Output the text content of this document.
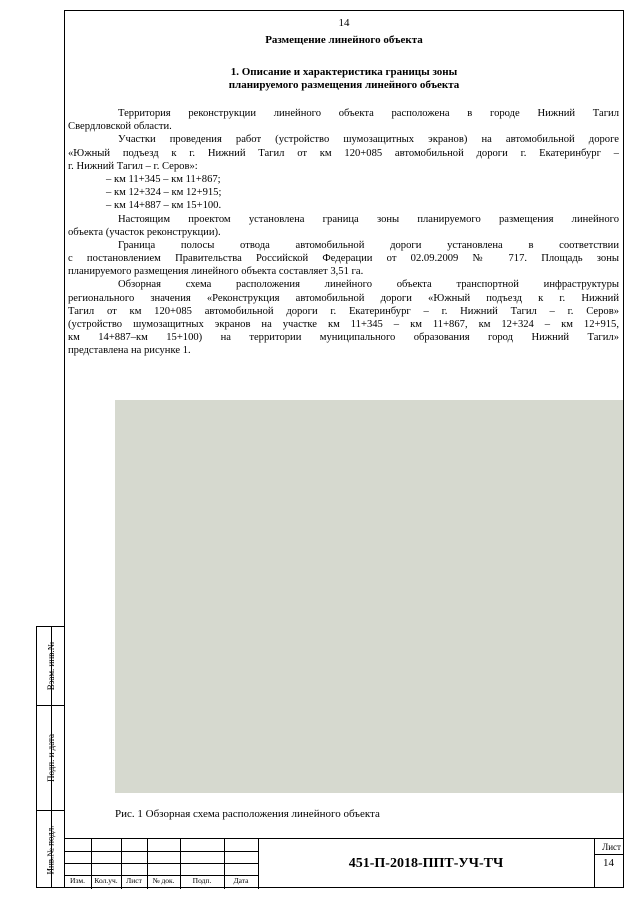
14
Размещение линейного объекта
1. Описание и характеристика границы зоны
планируемого размещения линейного объекта
Территория реконструкции линейного объекта расположена в городе Нижний Тагил
Свердловской области.
Участки проведения работ (устройство шумозащитных экранов) на автомобильной дороге
«Южный подъезд к г. Нижний Тагил от км 120+085 автомобильной дороги г. Екатеринбург –
г. Нижний Тагил – г. Серов»:
– км 11+345 – км 11+867;
– км 12+324 – км 12+915;
– км 14+887 – км 15+100.
Настоящим проектом установлена граница зоны планируемого размещения линейного
объекта (участок реконструкции).
Граница полосы отвода автомобильной дороги установлена в соответствии
с постановлением Правительства Российской Федерации от 02.09.2009 № 717. Площадь зоны
планируемого размещения линейного объекта составляет 3,51 га.
Обзорная схема расположения линейного объекта транспортной инфраструктуры
регионального значения «Реконструкция автомобильной дороги «Южный подъезд к г. Нижний
Тагил от км 120+085 автомобильной дороги г. Екатеринбург – г. Нижний Тагил – г. Серов»
(устройство шумозащитных экранов на участке км 11+345 – км 11+867, км 12+324 – км 12+915,
км 14+887–км 15+100) на территории муниципального образования город Нижний Тагил»
представлена на рисунке 1.
Рис. 1 Обзорная схема расположения линейного объекта
Взам. инв.№
Подп. и дата
Инв.№ подл.
Изм.	Кол.уч.	Лист	№ док.	Подп.	Дата
451-П-2018-ППТ-УЧ-ТЧ
Лист
14
